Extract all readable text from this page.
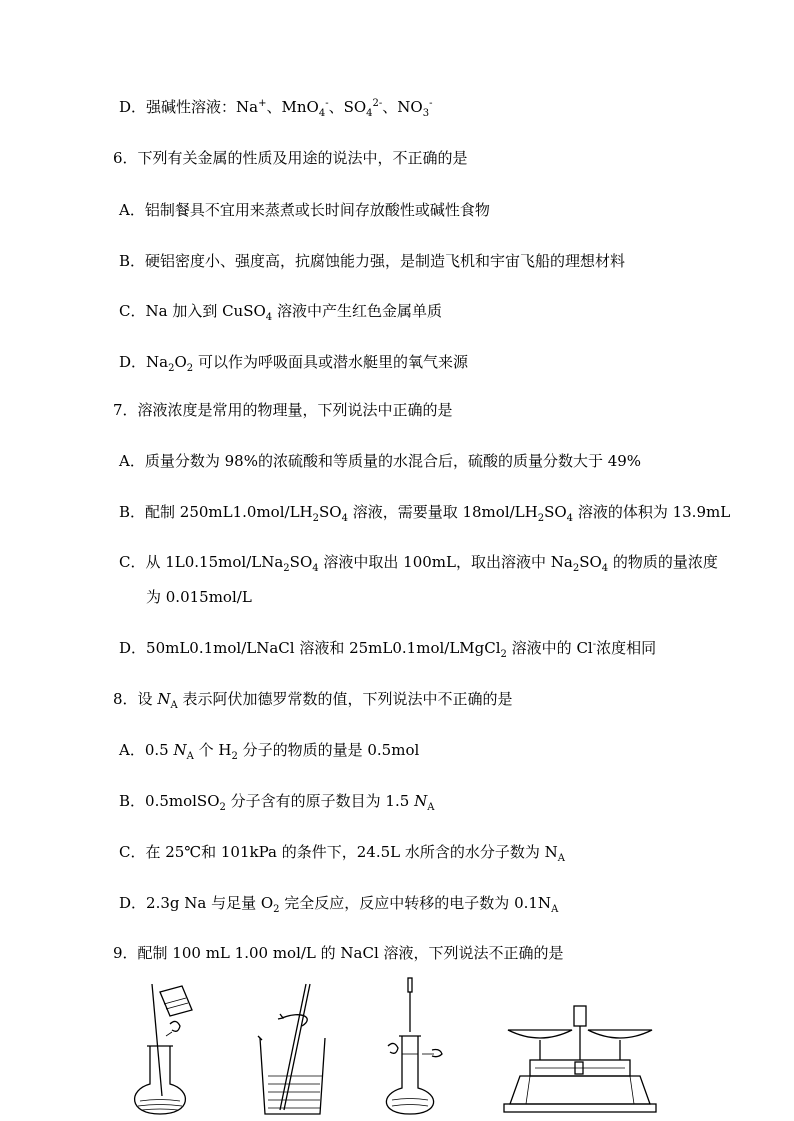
D．强碱性溶液：Na+、MnO$_4$-、$SO_4^{2-}$、$NO_3^-$
6．下列有关金属的性质及用途的说法中，不正确的是
A．铝制餐具不宜用来蒸煮或长时间存放酸性或碱性食物
B．硬铝密度小、强度高，抗腐蚀能力强，是制造飞机和宇宙飞船的理想材料
C．Na 加入到 CuSO$_4$ 溶液中产生红色金属单质
D．$Na_2O_2$ 可以作为呼吸面具或潜水艇里的氧气来源
7．溶液浓度是常用的物理量，下列说法中正确的是
A．质量分数为 98%的浓硫酸和等质量的水混合后，硫酸的质量分数大于 49%
B．配制 $250mL1.0mol/LH_2SO_4$ 溶液，需要量取 $18mol/LH_2SO_4$ 溶液的体积为 13.9mL
C．从 $1L0.15mol/LNa_2SO_4$ 溶液中取出 100mL，取出溶液中 $Na_2SO_4$ 的物质的量浓度
为 0.015mol/L
D．50mL0.1mol/LNaCl 溶液和 25mL0.1mol/LMgCl$_2$ 溶液中的 Cl-浓度相同
8．设 $N_A$ 表示阿伏加德罗常数的值，下列说法中不正确的是
A．0.5 $N_A$ 个 $H_2$ 分子的物质的量是 0.5mol
B．0.5molSO$_2$ 分子含有的原子数目为 1.5 $N_A$
C．在 25℃和 101kPa 的条件下，24.5L 水所含的水分子数为 $N_A$
D．2.3g Na 与足量 $O_2$ 完全反应，反应中转移的电子数为 $0.1N_A$
9．配制 100 mL 1.00 mol/L 的 NaCl 溶液，下列说法不正确的是
